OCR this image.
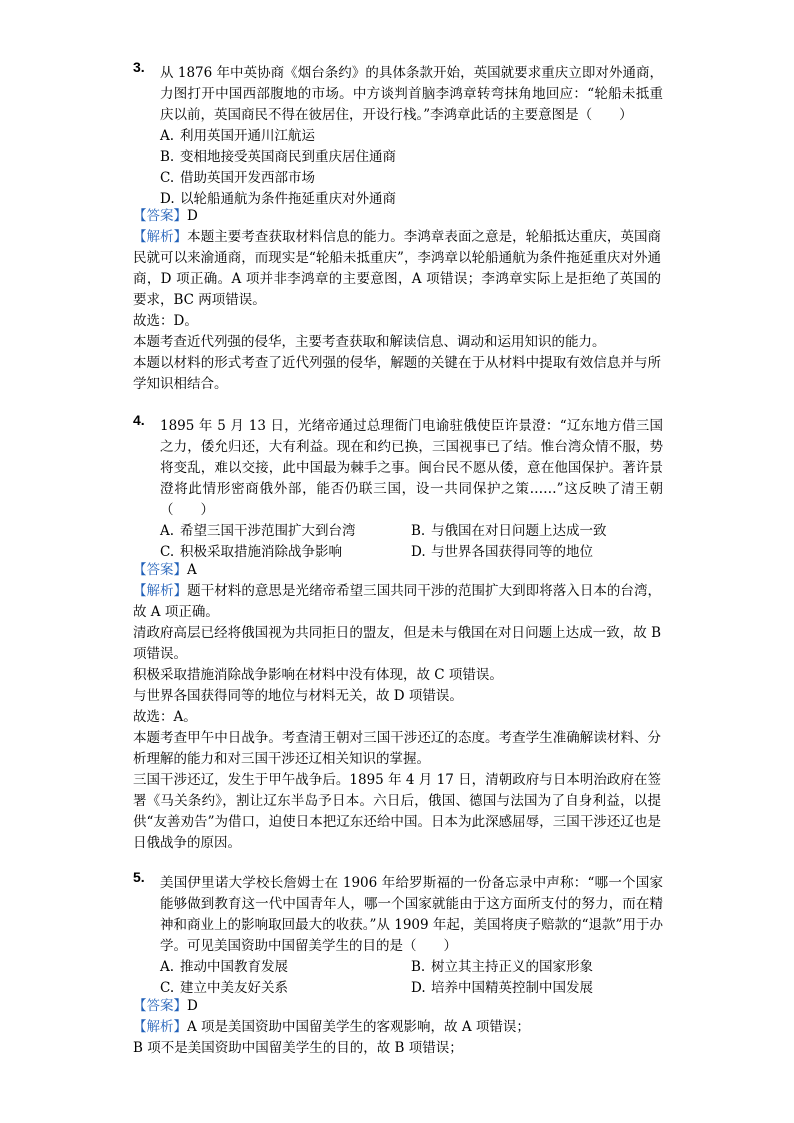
3. 从 1876 年中英协商《烟台条约》的具体条款开始，英国就要求重庆立即对外通商，力图打开中国西部腹地的市场。中方谈判首脑李鸿章转弯抹角地回应：“轮船未抵重庆以前，英国商民不得在彼居住，开设行栈。”李鸿章此话的主要意图是（　　）
A. 利用英国开通川江航运
B. 变相地接受英国商民到重庆居住通商
C. 借助英国开发西部市场
D. 以轮船通航为条件拖延重庆对外通商
【答案】D
【解析】本题主要考查获取材料信息的能力。李鸿章表面之意是，轮船抵达重庆，英国商民就可以来渝通商，而现实是“轮船未抵重庆”，李鸿章以轮船通航为条件拖延重庆对外通商，D 项正确。A 项并非李鸿章的主要意图，A 项错误；李鸿章实际上是拒绝了英国的要求，BC 两项错误。
故选：D。
本题考查近代列强的侵华，主要考查获取和解读信息、调动和运用知识的能力。
本题以材料的形式考查了近代列强的侵华，解题的关键在于从材料中提取有效信息并与所学知识相结合。
4. 1895 年 5 月 13 日，光绪帝通过总理衙门电谕驻俄使臣许景澄：“辽东地方借三国之力，倭允归还，大有利益。现在和约已换，三国视事已了结。惟台湾众情不服，势将变乱，难以交接，此中国最为棘手之事。闽台民不愿从倭，意在他国保护。著许景澄将此情形密商俄外部，能否仍联三国，设一共同保护之策……”这反映了清王朝（　　）
A. 希望三国干涉范围扩大到台湾	B. 与俄国在对日问题上达成一致
C. 积极采取措施消除战争影响	D. 与世界各国获得同等的地位
【答案】A
【解析】题干材料的意思是光绪帝希望三国共同干涉的范围扩大到即将落入日本的台湾，故 A 项正确。
清政府高层已经将俄国视为共同拒日的盟友，但是未与俄国在对日问题上达成一致，故 B 项错误。
积极采取措施消除战争影响在材料中没有体现，故 C 项错误。
与世界各国获得同等的地位与材料无关，故 D 项错误。
故选：A。
本题考查甲午中日战争。考查清王朝对三国干涉还辽的态度。考查学生准确解读材料、分析理解的能力和对三国干涉还辽相关知识的掌握。
三国干涉还辽，发生于甲午战争后。1895 年 4 月 17 日，清朝政府与日本明治政府在签署《马关条约》，割让辽东半岛予日本。六日后，俄国、德国与法国为了自身利益，以提供“友善劝告”为借口，迫使日本把辽东还给中国。日本为此深感屈辱，三国干涉还辽也是日俄战争的原因。
5. 美国伊里诺大学校长詹姆士在 1906 年给罗斯福的一份备忘录中声称：“哪一个国家能够做到教育这一代中国青年人，哪一个国家就能由于这方面所支付的努力，而在精神和商业上的影响取回最大的收获。”从 1909 年起，美国将庚子赔款的“退款”用于办学。可见美国资助中国留美学生的目的是（　　）
A. 推动中国教育发展	B. 树立其主持正义的国家形象
C. 建立中美友好关系	D. 培养中国精英控制中国发展
【答案】D
【解析】A 项是美国资助中国留美学生的客观影响，故 A 项错误；
B 项不是美国资助中国留美学生的目的，故 B 项错误；
